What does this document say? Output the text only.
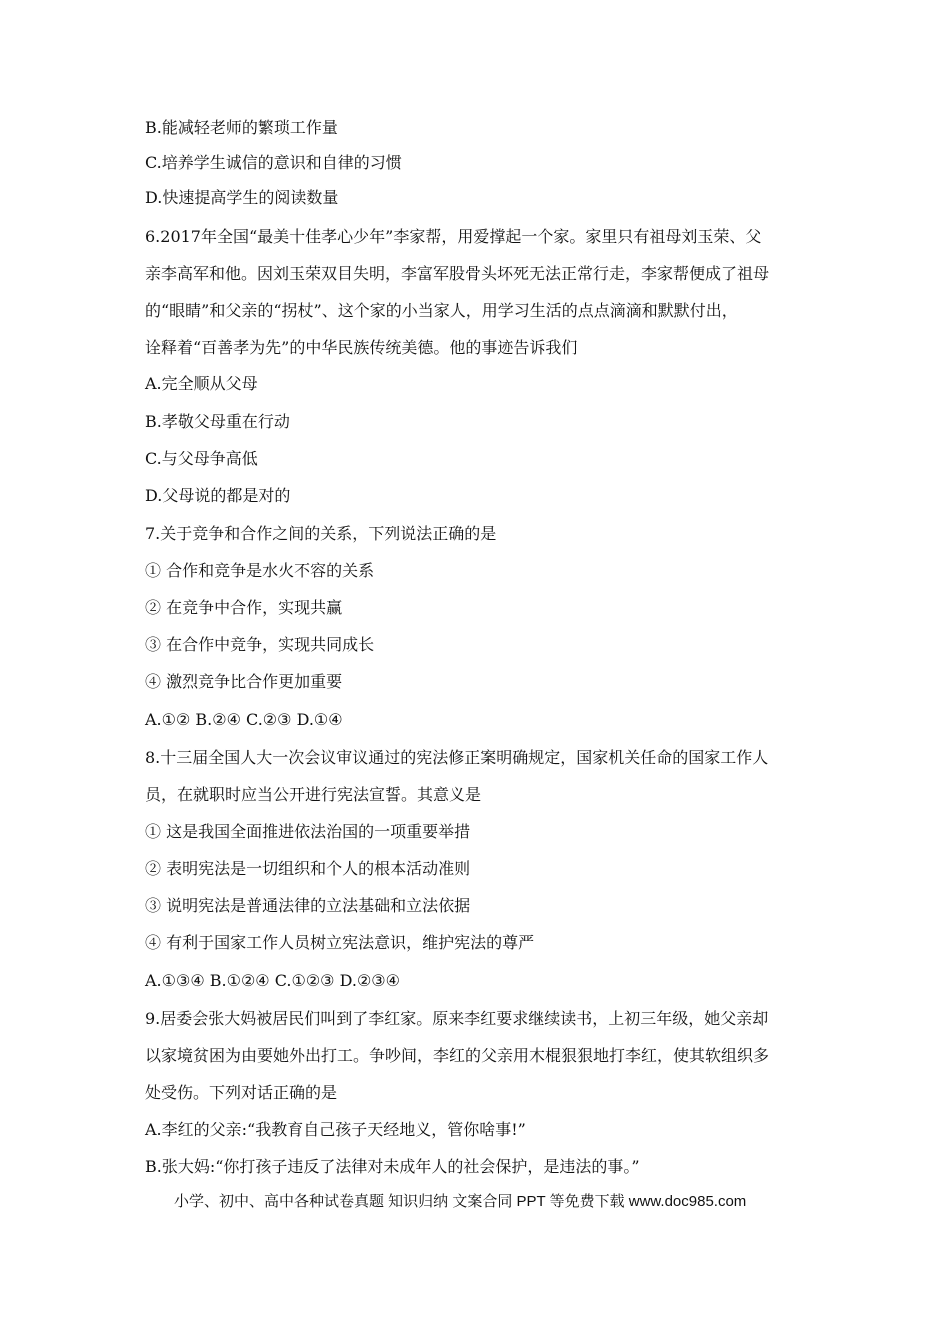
B.能减轻老师的繁琐工作量
C.培养学生诚信的意识和自律的习惯
D.快速提高学生的阅读数量
6.2017年全国“最美十佳孝心少年”李家帮，用爱撑起一个家。家里只有祖母刘玉荣、父
亲李高军和他。因刘玉荣双目失明，李富军股骨头坏死无法正常行走，李家帮便成了祖母
的“眼睛”和父亲的“拐杖”、这个家的小当家人，用学习生活的点点滴滴和默默付出，
诠释着“百善孝为先”的中华民族传统美德。他的事迹告诉我们
A.完全顺从父母
B.孝敬父母重在行动
C.与父母争高低
D.父母说的都是对的
7.关于竞争和合作之间的关系，下列说法正确的是
① 合作和竞争是水火不容的关系
② 在竞争中合作，实现共赢
③ 在合作中竞争，实现共同成长
④ 激烈竞争比合作更加重要
A.①② B.②④ C.②③ D.①④
8.十三届全国人大一次会议审议通过的宪法修正案明确规定，国家机关任命的国家工作人
员，在就职时应当公开进行宪法宣誓。其意义是
① 这是我国全面推进依法治国的一项重要举措
② 表明宪法是一切组织和个人的根本活动准则
③ 说明宪法是普通法律的立法基础和立法依据
④ 有利于国家工作人员树立宪法意识，维护宪法的尊严
A.①③④ B.①②④ C.①②③ D.②③④
9.居委会张大妈被居民们叫到了李红家。原来李红要求继续读书，上初三年级，她父亲却
以家境贫困为由要她外出打工。争吵间，李红的父亲用木棍狠狠地打李红，使其软组织多
处受伤。下列对话正确的是
A.李红的父亲:“我教育自己孩子天经地义，管你啥事!”
B.张大妈:“你打孩子违反了法律对未成年人的社会保护，是违法的事。”
小学、初中、高中各种试卷真题 知识归纳 文案合同 PPT 等免费下载 www.doc985.com
